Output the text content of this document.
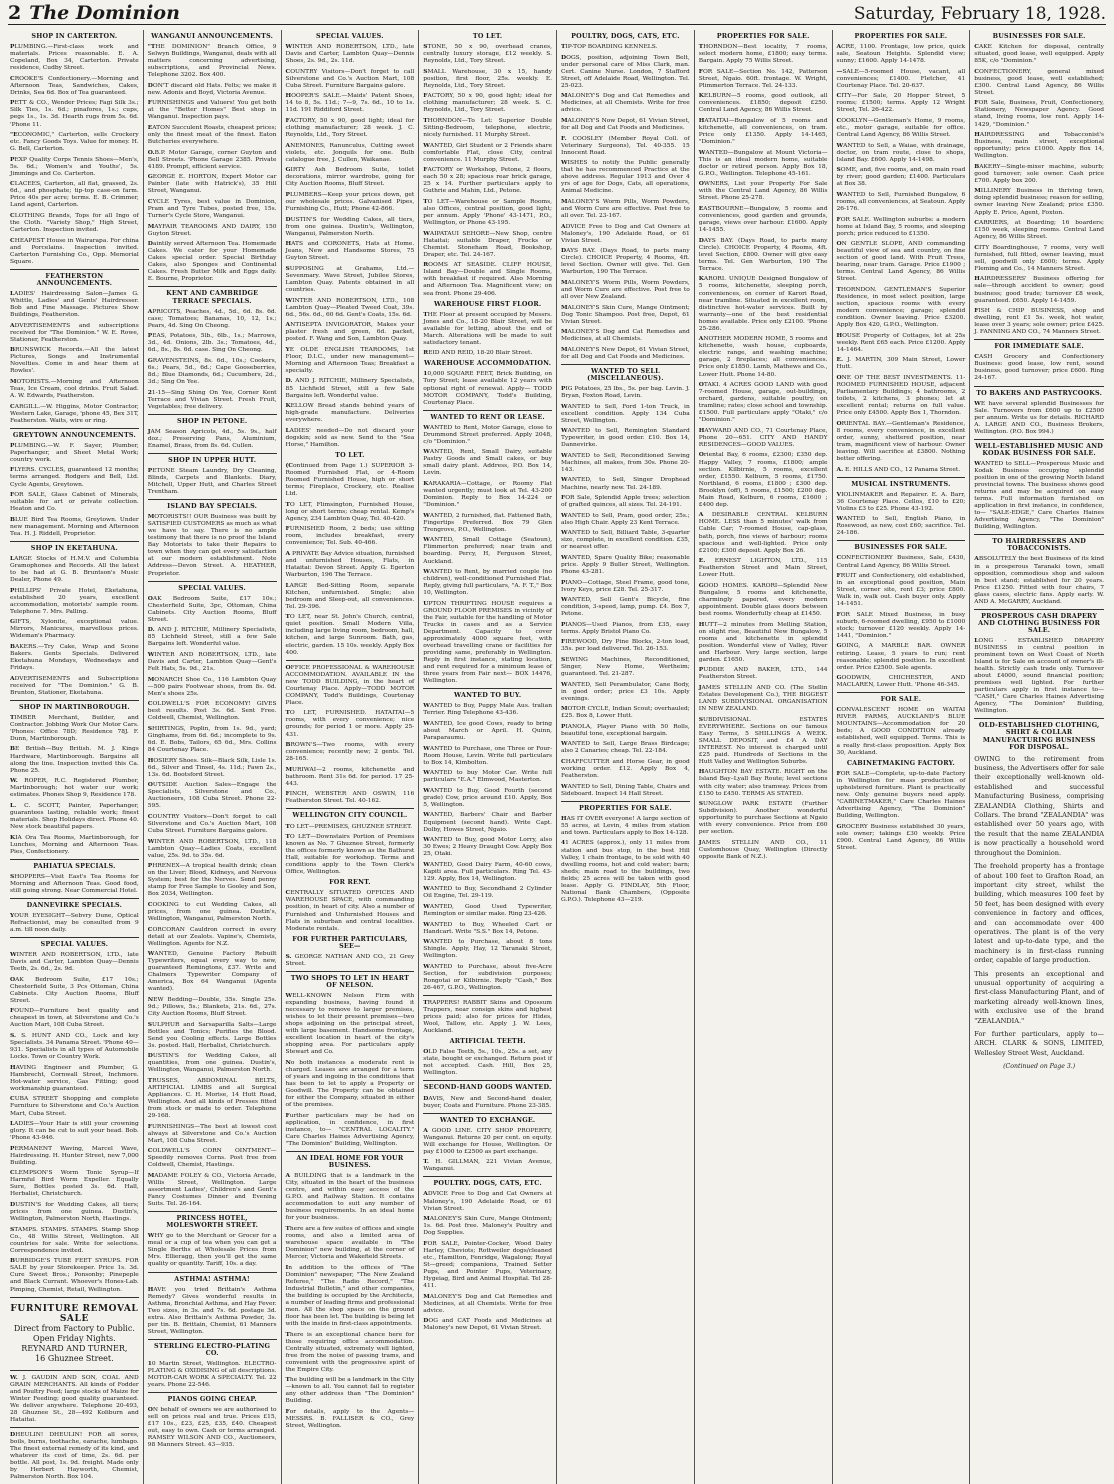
2 The Dominion	Saturday, February 18, 1928.
SHOP IN CARTERTON.

PLUMBING.—First-class work and materials. Prices reasonable. E. A. Copeland, Box 34, Carterton. Private residence, Cudby Street.

CROOKE'S Confectionery.—Morning and Afternoon Teas, Sandwiches, Cakes, Drinks, Sea 6d. Box of Tea guaranteed.

PETT & CO., Wender Prices; Fagi Silk 3s.; Silk Ties, 1s. 6d.; pinafores, 1s.; cups, pegs 1s., 1s. 3d. Hearth rugs from 5s. 6d. 'Phone 11.

"ECONOMIC," Carterton, sells Crockery etc. Fancy Goods Toys. Value for money. H. G. Bell, Carterton.

PEXP Quality Corps Tennis Shoes—Men's, 5s. 6d.; Women's and Youths', 5s. Jimmings and Co. Carterton.

CLACEES, Carterton, all flat, grassed, 2s. 6d., and phosphate; tip-top case-on farm. Price 40s per acre; terms. E. B. Crimmer, Land agent, Carterton.

CLOTHING Brands, Tops for all Ingo of the Cloth. "Variety Shop," High Street, Carterton. Inspection invited.

CHEAPEST House in Wairarapa. For china and Porcelains. Inspection invited. Carterton Furnishing Co., Opp. Memorial Square.

FEATHERSTON ANNOUNCEMENTS.

LADIES' Hairdressing Salon—James G. Whittle, Ladies' and Gents' Hairdresser. Bob and Fine Massage. Pictures Show Buildings, Featherston.

ADVERTISEMENTS and subscriptions received for "The Dominion." W. E. Rowe, Stationer, Featherston.

BRUNSWICK Records.—All the latest Pictures, Songs and Instrumental Novelties. Come in and hear them at Rowles'.

MOTORISTS.—Morning and Afternoon Teas, Ice Cream, cool drinks. Fruit Salad. A. W. Edwards, Featherston.

CARGILL.—W. Higgins, Motor Contractor, Western Lake, Garage, 'phone 45, Bex 31T, Featherston. Waits, wire or ring.

GREYTOWN ANNOUNCEMENTS.

PLUMBING.—W. F. Sayer, Plumber, Paperhanger, and Sheet Metal Work; country work.

FLYERS. CYCLES, guaranteed 12 months; terms arranged. Rodgers and Bell, Ltd. Cycle Agents, Greytown.

FOR SALE, Glass Cabinet of Minerals, suitable for art or private collection. Heaton and Co.

BLUE Bird Tea Rooms, Greytown. Under new management. Morning and Afternoon Tea. H. J. Riddell, Proprietor.

SHOP IN EKETAHUNA.

LARGE Stocks of H.M.V. and Columbia Gramophones and Records. All the latest to be had at G. B. Bruntson's Music Dealer, Phone 49.

PHILLIPS' Private Hotel, Eketahuna, established 20 years, excellent accommodation, motorists' sample room. Telephone 7. Mrs. Palling.

GIFTS, Xylonite, exceptional value. Mirrors, Manicures, marvellous prices. Wideman's Pharmacy.

BAKERS.—Try Cake, Wrap and Scone Bakers. Gents Specials. Delivered Eketahuna Mondays, Wednesdays and Fridays.

ADVERTISEMENTS and Subscriptions received for "The Dominion." G. B. Brunton, Stationer, Eketahuna.

SHOP IN MARTINBOROUGH.

TIMBER Merchant, Builder, and Contractor. Jobbing Work Our Motor Cars. 'Phones: Office 78D; Residence 78J. F. Dunn, Martinborough.

BE British—Buy British. M. J. Kings Hardware, Martinborough. Bargains all along the line. Inspection invited this Ca. Phone 25.

W. ROPER, R.C. Registered Plumber, Martinborough; hot water our work; estimates. Phones Shop 9, Residence 178.

L. C. SCOTT, Painter, Paperhanger, guarantees lasting, reliable work; finest materials. Shop Holidays direct. Phone 40. New stock beautiful papers.

KIA Ora Tea Rooms, Martinborough, for Lunches, Morning and Afternoon Teas. Pies, Confectionery.

PAHIATUA SPECIALS.

SHOPPERS—Visit East's Tea Rooms for Morning and Afternoon Teas. Good food, still going strong. Near Commercial Hotel.

DANNEVIRKE SPECIALS.

YOUR EYESIGHT—Sebvry Dune, Optical Refractionist, may be consulted from 9 a.m. till noon daily.

SPECIAL VALUES.

WINTER AND ROBERTSON, LTD., late Davis and Carter, Lambton Quay—Dennis Teeth, 2s. 6d., 2s. 9d.

OAK Bedroom Suite, £17 10s.; Chesterfield Suite, 3 Pcs Ottoman, China Cabinets. City Auction Rooms, Bluff Street.

FOUND—Furniture best quality and cheapest in town, at Silverstone and Co.'s Auction Mart, 108 Cuba Street.

S. S. HUNT AND CO., Lock and key Specialists. 34 Panama Street. 'Phone 40—931. Specialists in all types of Automobile Locks. Town or Country Work.

HAVING Engineer and Plumber, G. Hambrecht, Cornwall Street, Inchmore. Hot-water service, Gas Fitting; good workmanship guaranteed.

CUBA STREET Shopping and complete Furniture to Silverstone and Co.'s Auction Mart, Cuba Street.

LADIES—Your Hair is still your crowning glory. It can be cut to suit your head. Bob. 'Phone 43-946.

PERMANENT Waving, Marcel Wave, Hairdressing. H. Hunter Street, new 7,000 Building.

CLEMPSON'S Worm Tonic Syrup—If Harmful Bird Worm Expeller. Equally Sure, Bottles posted 3s. 6d. Hall, Herbalist, Christchurch.

DUSTIN'S for Wedding Cakes, all tiers; prices from one guinea. Dustin's, Wellington, Palmerston North, Hastings.

STAMPS. STAMPS. STAMPS. Stamp Shop Co., 48 Willis Street, Wellington. All countries for sale. Write for selections. Correspondence invited.

BURBIDGE'S TUBE FEET SYRUPS. FOR SALE by your Storekeeper. Price 1s. 3d. Cure Sweet Bros.; Ponsonby; Pinepeple and Black Currant. Whoever's Hones-Lab. Pimping, Chemist, Retail, Wellington.

FURNITURE REMOVAL SALE
Direct from Factory to Public.
Open Friday Nights.
REYNARD AND TURNER,
16 Ghuznee Street.

W. J. GAUDIN AND SON, COAL AND GRAIN MERCHANTS. All kinds of Fodder and Poultry Feed; large stocks of Maize for Winter Feeding; good quality guaranteed. We deliver anywhere. Telephone 20-493, 28 Ghuznee St., 28—492 Koliburn and Hataitai.

DHEULIN! DHEULIN! FOR all sores, boils, burns, toothache, earache, lumbago. The finest external remedy of its kind, and whatever its cost of time, 2s. 6d. per bottle. All post, 1s. 9d. freight. Made only by Herbert Hayworth, Chemist, Palmerston North. Box 104.

WANGANUI ANNOUNCEMENTS.

"THE DOMINION" Branch Office, 9 Selwyn Buildings, Wanganui, deals with all matters concerning advertising, subscriptions, and Provincial News. Telephone 3202. Box 400.

DON'T discard old Hats. Felts; we make it new. Adonis and Boyd, Victoria Avenue.

FURNISHINGS and Valuers! You get both at the "Better Homes" Best shop in Wanganui. Inspection pays.

EATON Succulent Roasts, cheapest prices; only the finest meat of the finest. Eaton Butcheries everywhere.

O.B.P. Motor Garage, corner Guyton and Bell Streets. 'Phone Garage 2385. Private 4189. Prompt, efficient service.

GEORGE E. HORTON, Expert Motor car Painter (late with Hatrick's), 35 Hill Street, Wanganui.

CYCLE Tyres, best value in Dominion, Pram and Tyre Tubes, posted free, 15s. Turner's Cycle Store, Wanganui.

MAYFAIR TEAROOMS AND DAIRY, 150 Guyton Street.

Daintily served Afternoon Tea. Homemade Cakes. We cater for your Homemade Cakes special order. Special Birthday Cakes, also Sponges and Continental Cakes. Fresh Butter Milk and Eggs daily. E. Bourne, Proprietor.

KENT AND CAMBRIDGE TERRACE SPECIALS.

APRICOTS, Peaches, 4d., 5d., 6d. 8s. 6d. case; Tomatoes; Bananas, 10, 12, 1s.; Pears, 4d. Sing On Cheong.

PEAS, Potatoes, 5lb., 6lb., 1s.; Marrows, 3d., 4d. Onions, 2lb. 3s.; Tomatoes, 4d., 6d., 8s., 8s. 6d. case. Sing On Cheong.

GRAVENSTEINS, 8s. 6d., 10s.; Cookers, 6s.; Pears, 5d., 6d.; Cape Gooseberries, 8d.; Blue Diamonds, 6d.; Cucumbers, 2d., 3d.; Sing On Yee.

21-15—Sing Shing On Yee, Corner Kent Terrace and Vivian Street. Fresh Fruit, Vegetables; free delivery.

SHOP IN PETONE.

JAM Season Apricots, 4d., 5s. 9s., half doz.; Preserving Pans, Aluminium, Enamel, Brass, from 8s. 6d. Cullen.

SHOP IN UPPER HUTT.

PETONE Steam Laundry, Dry Cleaning, Blinds, Carpets and Blankets. Diary, Mitchell, Upper Hutt, and Charles Street Trentham.

ISLAND BAY SPECIALS.

MOTORISTS!! OUR Business was built by SATISFIED CUSTOMERS as much as what we have to say. There is no ample testimony that there is no proof the Island Bay Motorists to take their Repairs to town when they can get every satisfaction at our modern establishment. Note Address—Devon Street. A. HEATHER, Proprietor.

SPECIAL VALUES.

OAK Bedroom Suite, £17 10s.; Chesterfield Suite, 3pc, Ottoman, China Cabinets. City Auction Rooms, Bluff Street.

D. AND J. RITCHIE, Millinery Specialists, 85 Lichfield Street, still a few Sale Bargains left. Wonderful value.

WINTER AND ROBERTSON, LTD., late Davis and Carter, Lambton Quay—Gent's Felt Hats, 5s. 9d., 21s.

MONARCH Shoe Co., 116 Lambton Quay—500 pairs Footwear shoes, from 8s. 6d. Men's shoes 25s.

COLDWELL'S FOR ECONOMY! GIVES best results. Post 3s. 6d. Sent Free. Coldwell, Chemist, Wellington.

SHIRTINGS, Poplin, from 1s. 9d., yard; Ginghams, from 6d. 6d.; incomplete to 9s. 6d. E. Bobs, Tailors, 65 6d., Mrs. Collins 84 Courtenay Place.

HOSIERY Shoes. Silk—Black Silk, Lisle 1s. 6d., Silver and Tinsel, 4s. 11d.; Fawn 2s., 13s. 6d. Bootsford Street.

OUTSIDE Auction Sales—Engage the Specialists, Silverstone and Co., Auctioneers, 108 Cuba Street. Phone 22-595.

COUNTRY Visitors—Don't forget to call Silverstone and Co.'s Auction Mart, 108 Cuba Street. Furniture Bargains galore.

WINTER AND ROBERTSON, LTD., 118 Lambton Quay—Ladies Coats, excellent value, 25s. 9d. to 35s. 6d.

PHRENEX—A tropical health drink; clean on the Liver; Blood, Kidneys, and Nervous System; best for the Nerves. Send penny stamp for Free Sample to Gooley and Son, Box 2034, Wellington.

COOKING to cut Wedding Cakes, all prices, from one guinea. Dustin's, Wellington, Wanganui, Palmerston North.

CORCORAN Cauldron correct in every detail at our Zealots. Vapine's, Chemists, Wellington. Agents for N.Z.

WANTED, Genuine Factory Rebuilt Typewriters, equal every way to new, guaranteed Remingtons, £37. Write and Chalmers Typewriter Company of America, Box 64 Wanganui (Agents wanted).

NEW Bedding—Double, 35s. Single 25s. 9d.; Pillows, 5s.; Blankets, 21s. 6d., 27s. City Auction Rooms, Bluff Street.

SULPHUR and Sarsaparilla Salts—Large Bottles and Tonics; Purifies the Blood. Send you Cooling effects. Large Bottles 3s. posted. Hall, Herbalist, Christchurch.

DUSTIN'S for Wedding Cakes, all quantities, from one guinea. Dustin's, Wellington, Wanganui, Palmerston North.

TRUSSES, ABDOMINAL BELTS, ARTIFICIAL LIMBS and all Surgical Appliances. C. H. Morise, 14 Hutt Road, Wellington. And all kinds of Presses fitted from stock or made to order. Telephone 29-168.

FURNISHINGS—The best at lowest cost always at Silverstone and Co.'s Auction Mart, 108 Cuba Street.

COLDWELL'S CORN OINTMENT—Speedily removes Corns. Post free from Coldwell, Chemist, Hastings.

MADAME FOLEY & CO., Victoria Arcade, Willis Street, Wellington. Large assortment Ladies', Children's and Gent's Fancy Costumes Dinner and Evening Suits. Tel. 26-164.

PRINCESS HOTEL, MOLESWORTH STREET.

WHY go to the Merchant or Grocer for a meal or a cup of tea when you can get a Single Berths at Wholesale Prices from Mrs. Ellieragg, then you'll get the same quality or quantity. Tariff, 10s. a day.

ASTHMA! ASTHMA!

HAVE you tried Brittain's Asthma Remedy? Gives wonderful results in Asthma, Bronchial Asthma, and Hay Fever. Two sizes, in 3s. and 7s. 6d. postage 3d. extra. Also Brittain's Asthma Powder, 3s. per tin. B. Brittain, Chemist, 61 Manners Street, Wellington.

STERLING ELECTRO-PLATING CO.

10 Martin Street, Wellington. ELECTRO-PLATING & OXIDISING of all descriptions. MOTOR-CAR WORK A SPECIALTY. Tel. 22 years. Phone 22-546.

PIANOS GOING CHEAP.

ON behalf of owners we are authorised to sell on prices real and true. Prices £15, £17 10s., £23, £25, £35, £40. Cheapest out, easy to own. Cash or terms arranged. RAMSEY WILSON AND CO., Auctioneers, 98 Manners Street. 43—935.

SPECIAL VALUES.

WINTER AND ROBERTSON, LTD., late Davis and Carter, Lambton Quay—Dennis Shoes, 2s. 9d., 2s. 11d.

COUNTRY Visitors—Don't forget to call Silverstone and Co.'s Auction Mart, 108 Cuba Street. Furniture Bargains galore.

HOOPER'S SALE.—Maids' Patent Shoes, 14 to 8, 5s. 11d.; 7—9, 7s. 6d., 10 to 1s. 11d. 191 Riddiford Street.

FACTORY, 50 x 90, good light; ideal for clothing manufacturer; 28 week. J. C. Reynolds, Ltd., Tory Street.

ANEMONES, Ranunculus, Cutting sweet violets, etc. Jonquils for one. Bulb catalogue free, J. Cullen, Waikanae.

GIRTY Ash Bedroom Suite, toilet decorations, mirror wardrobe, going for City Auction Rooms, Bluff Street.

PLUMBERS—Keep your prices down, get our wholesale prices. Galvanised Pipes, Furnishing Co., Hutt; Phone 42-866.

DUSTIN'S for Wedding Cakes, all tiers, from one guinea. Dustin's, Wellington, Wanganui, Palmerston North.

HATS and CORONETS, Hats at Home. Jeans, New and Handsome Stores, 75 Guyton Street.

SUPPOSING at Grahams, Ltd.—Sevenmary. Wave Street, Jubilee Stores, Lambton Quay. Patents obtained in all countries.

WINTER AND ROBERTSON, LTD., 108 Lambton Quay—Pleated Tweed Coat, 39s. 6d., 56s. 6d., 60 6d. Gent's Coats, 15s. 6d.

ANTISEPTA INVIGORATOR, Makes your plaster fresh and green, 6d. packet, posted. F. Wang and Son, Lambton Quay.

YE OLDE ENGLISH TEAROOMS, 1st Floor, D.I.C., under new management—Morning and Afternoon Teas; Breakfast a specialty.

D. AND J. RITCHIE, Millinery Specialists, 85 Lichfield Street, still a few Sale Bargains left. Wonderful value.

KELLOW Bread stands behind years of high-grade manufacture. Deliveries everywhere.

LADIES' needed—Do not discard your dogskin; sold as new. Send to the "Sea Horse," Hamilton.

TO LET.

(Continued from Page 1.) SUPERIOR 3-Roomed Furnished Flat, or 4-Room Roomed Furnished House, high or short terms; Fireplace, Crockery, etc. Realise Ltd.

TO LET, Flimsington, Furnished House, long or short terms; cheap rental. Kemp's Agency, 234 Lambton Quay, Tel. 40-420.

FURNISHED Room, 2 beds; use sitting room, includes breakfast, every convenience; Tel. Sub. 40-466.

A PRIVATE Bay Advice situation, furnished and unfurnished Houses, Flats, in Hataitai: Devon Street. Apply G. Egerton Warburton, 196 The Terrace.

LARGE Bed-Sitting Room, separate Kitchen, unfurnished. Single; also bedroom and Sleep-out, all conveniences. Tel. 29-396.

TO LET, near St. John's Church, central, quiet position. Small Modern Villa, including large living room, bedroom, hall, kitchen, and large Sunroom. Bath, gas, electric, garden. 15 10s. weekly. Apply Box 400.

OFFICE PROFESSIONAL & WAREHOUSE ACCOMMODATION. AVAILABLE IN the new TODD BUILDING, in the heart of Courtenay Place. Apply—TODD MOTOR COMPANY, Todd's Buildings, Courtenay Place.

TO LET, FURNISHED. HATAITAI—5 rooms, with every convenience; nice grounds; for period 1 or more. Apply 25-431.

BROWN'S—Two rooms, with every convenience; recently new; 2 gents. Tel. 28-165.

MURIWAI—2 rooms, kitchenette and bathroom. Rent 31s 6d. for period. 17 25-443.

FINCH, WEBSTER AND OSWIN, 116 Featherston Street. Tel. 40-162.

WELLINGTON CITY COUNCIL.

TO LET—PREMISES, GHUZNEE STREET.

TO LET—Downstairs Portion of Premises known as No. 7 Ghuznee Street, formerly the offices formerly known as the Bathurst Hall, suitable for workshop. Terms and conditions apply to the Town Clerk's Office, Wellington.

FOR RENT.

CENTRALLY SITUATED OFFICES AND WAREHOUSE SPACE, with commanding position, in heart of city. Also a number of Furnished and Unfurnished Houses and Flats in suburban and central localities. Moderate rentals.

FOR FURTHER PARTICULARS, SEE—

S. GEORGE NATHAN AND CO., 21 Grey Street.

TWO SHOPS TO LET IN HEART OF NELSON.

WELL-KNOWN Nelson Firm with expanding business, having found it necessary to remove to larger premises, wishes to let their present premises—two shops adjoining on the principal street, with large basement. Handsome frontage, excellent location in heart of the city's shopping area. For particulars apply Stewart and Co.

No both instances a moderate rent is charged. Leases are arranged for a term of years and ingoing in the conditions that has been to let to apply a Property or Goodwill. The Property can be obtained for either the Company, situated in either of the premises.

Further particulars may be had on application, in confidence, in first instance, to— "CENTRAL LOCALITY." Care Charles Haines Advertising Agency, "The Dominion" Building, Wellington.

AN IDEAL HOME FOR YOUR BUSINESS.

A BUILDING that is a landmark in the City, situated in the heart of the business centre, and within easy access of the G.P.O. and Railway Station. It contains accommodation to suit any number of business requirements. In an ideal home for your business.

There are a few suites of offices and single rooms, and also a limited area of warehouse space available in "The Dominion" new building, at the corner of Mercer, Victoria and Wakefield Streets.

In addition to the offices of "The Dominion" newspaper, "The New Zealand Referee," "The Radio Record," "The Industrial Bulletin," and other companies, the building is occupied by the Architects, a number of leading firms and professional men. All the shop space on the ground floor has been let. The building is being let with the inside in first-class appointments.

There is an exceptional chance here for those requiring office accommodation. Centrally situated, extremely well lighted, free from the noise of passing trams, and convenient with the progressive spirit of the Empire City.

The building will be a landmark in the City—known to all. You cannot fail to register any other address than "The Dominion" Building.

For details, apply to the Agents— MESSRS. B. FALLISER & CO., Grey Street, Wellington.

TO LET.

STONE, 50 x 90, overhead cranes, centrally luxury storage, £12 weekly. S. Reynolds, Ltd., Tory Street.

SMALL Warehouse, 30 x 15, handy position, first floor, 25s. weekly. E. Reynolds, Ltd., Tory Street.

FACTORY, 50 x 90, good light; ideal for clothing manufacturer; 28 week. S. C. Reynolds, Ltd., Tory Street.

THORNDON—To Let: Superior Double Sitting-Bedroom, telephone, electric, nicely furnished. 11 Murphy Street.

WANTED, Girl Student or 2 Friends share comfortable Flat, close City, central convenience. 11 Murphy Street.

FACTORY or Workshop, Petone, 2 floors, each 50 x 28; spacious rear brick garage, 25 x 14. Further particulars apply to Guthrie and Mahin, Ltd., Petone.

TO LET—Warehouse or Sample Rooms, also Offices, central position, good light; per annum. Apply 'Phone' 43-1471, P.O., Wellington, or Phone 43-195.

WAIPATAUI SEHORE—New Shop, centre Hataitai; suitable Draper, Frocks or Chemist. Stoneham Road, Bookshop, Draper, etc. Tel. 24-167.

ROOMS AT SEASIDE. CLIFF HOUSE, Island Bay—Double and Single Rooms, with breakfast if required. Also Morning and Afternoon Tea. Magnificent view; on sea front. Phone 29-406.

WAREHOUSE FIRST FLOOR.

THE Floor at present occupied by Messrs. Jones and Co., 18-20 Blair Street, will be available for letting, about the end of March. Alterations will be made to suit satisfactory tenant.

REID AND REID, 18-20 Blair Street.

WAREHOUSE ACCOMMODATION.

10,000 SQUARE FEET, Brick Building, on Tory Street; lease available 12 years with optional right of renewal. Apply— TODD MOTOR COMPANY, Todd's Building, Courtenay Place.

WANTED TO RENT OR LEASE.

WANTED to Rent, Motor Garage, close to Drummond Street preferred. Apply 2048, c/o "Dominion."

WANTED, Rent, Small Dairy, suitable Pastry Goods and Small cakes, or buy small dairy plant. Address, P.O. Box 14, Levin.

KARAKARIA—Cottage, or Roomy Flat wanted urgently; must look at Tel. 43-200 Dominion. Reply to Box 14-224 or "Dominion."

WANTED, 2 furnished, flat. Fattened Bath, Fingertips Preferred. Box 79 Glen Trengrove, P.O., Wellington.

WANTED, Small Cottage (Seatoun), Flimmerton preferred; near train and boarding. Percy, H, Ferguson Street, Auckland.

WANTED to Rent, by married couple (no children), well-conditioned Furnished Flat. Reply, giving full particulars, "A. F. T.," Box 10, Wellington.

UPTON THRIFTING HOUSE requires a GROUND FLOOR PREMISES in vicinity of the Fair, suitable for the handling of Motor Trucks in cases and as a Service Department. Capacity to cover approximately 4000 square feet, with overhead travelling crane or facilities for providing same, preferably in Wellington. Reply in first instance, stating location, and rent required for a minimum lease of three years from Fair next— BOX 14476, Wellington.

WANTED TO BUY.

WANTED to Buy, Puppy Male Aus. tralian Terrier. Ring Telephone 43-436.

WANTED, Ice good Cows, ready to bring about March or April. H. Quinn, Paraparaumu.

WANTED to Purchase, one Three or Four-Room House, Levin. Write full particulars to Box 14, Kimbolton.

WANTED to buy Motor Car. Write full particulars "E.A." Elmwood, Masterton.

WANTED to Buy, Good Fourth (second grade) Cow, price around £10. Apply, Box 5, Wellington.

WANTED, Barbers' Chair and Barber Equipment (second hand). Write Capt. Dolby, Howes Street, Ngaio.

WANTED to Buy, good Motor Lorry, also 30 Ewes; 2 Heavy Draught Cow. Apply Box 25, Otaki.

WANTED, Good Dairy Farm, 40-60 cows, Kapiti area. Full particulars. Ring Tel. 43-129. Apply, Box 14, Wellington.

WANTED to Buy, Secondhand 2 Cylinder Oil Engine, Tel. 29-119.

WANTED, Good Used Typewriter, Remington or similar make. Ring 23-426.

WANTED to Buy, Wheeled Cart or Handcart. Write "S.S." Box 14, Petone.

WANTED to Purchase, about 8 tons Shingle. Apply, Hay, 12 Taranaki Street, Wellington.

WANTED to Purchase, about five-Acre Section, for subdivision purposes; Rongotai or Kilbirnie. Reply "Cash," Box 26-467, G.P.O., Wellington.

TRAPPERS! RABBIT Skins and Opossum Trappers, near consign skins and highest prices paid; also for prices for Hides, Wool, Tallow, etc. Apply J. W. Lees, Auckland.

ARTIFICIAL TEETH.

OLD False Teeth, 5s., 10s., 25s. a set, any state, bought or exchanged. Return post if not accepted. Cash. Hill, Box 25, Wellington.

SECOND-HAND GOODS WANTED.

DAVIS, New and Second-hand dealer, buyer, Coats and Furniture. Phone 23-385.

WANTED TO EXCHANGE.

A GOOD LINE. CITY SHOP PROPERTY, Wanganui. Returns 20 per cent. on equity. Will exchange for House, Wellington. Or pay £1000 to £2500 as part exchange.

T. H. GILLMAN, 221 Vivian Avenue, Wanganui.

POULTRY. DOGS, CATS, ETC.

ADVICE Free to Dog and Cat Owners at Maloney's, 190 Adelaide Road, or 61 Vivian Street.

MALONEY'S Skin Cure, Mange Ointment; 1s. 6d. Post free. Maloney's Poultry and Dog Supplies.

FOR SALE, Pointer-Cocker, Wood Dairy Harley, Cheviots; Rottweiler dogs/cleaned etc., Hamilton, Fenridge, Wagalong; Royal St—greed; companions, Trained Setter Pups, and Pointer Pups, Veterinary, Hygeiag, Bird and Animal Hospital. Tel 28-411.

MALONEY'S Dog and Cat Remedies and Medicines, at all Chemists. Write for free advice.

DOG and CAT Foods and Medicines at Maloney's new Depot, 61 Vivian Street.

POULTRY, DOGS, CATS, ETC.

TIP-TOP BOARDING KENNELS.

DOGS, position, adjoining Town Belt, under personal care of Miss Clark, man. Cert. Canine Nurse. London, 7 Stafford Street, off Adelaide Road, Wellington. Tel. 25-023.

MALONEY'S Dog and Cat Remedies and Medicines, at all Chemists. Write for free advice.

MALONEY'S Now Depot, 61 Vivian Street, for all Dog and Cat Foods and Medicines.

F. COOSLEY (Member Royal Coll. of Veterinary Surgeons), Tel. 40-355. 15 Innocent Road.

WISHES to notify the Public generally that he has recommenced Practice at the above address. Regular 1913 and Over 4 yrs of age for Dogs, Cats, all operations, Animal Medicine.

MALONEY'S Worm Pills, Worm Powders, and Worm Cure are effective. Post free to all over. Tel. 23-167.

ADVICE Free to Dog and Cat Owners at Maloney's, 190 Adelaide Road, or 61 Vivian Street.

DAYS BAY. (Days Road, to parts many Circle). CHOICE Property, 4 Rooms, 4ft. level Section. Owner will give. Tel. Gen Warburton, 190 The Terrace.

MALONEY'S Worm Pills, Worm Powders, and Worm Cure are effective. Post free to all over New Zealand.

MALONEY'S Skin Cure, Mange Ointment; Dog Tonic Shampoo. Post free, Depot, 61 Vivian Street.

MALONEY'S Dog and Cat Remedies and Medicines, at all Chemists.

MALONEY'S New Depot, 61 Vivian Street, for all Dog and Cat Foods and Medicines.

WANTED TO SELL (MISCELLANEOUS).

PIG Potatoes, 25 lbs., 5s. per bag. Levin. J. Bryan, Foxton Road, Levin.

WANTED to Sell, Ford 1-ton Truck, in excellent condition. Apply 134 Cuba Street, Wellington.

WANTED to Sell, Remington Standard Typewriter, in good order. £10. Box 14, Dannevirke.

WANTED to Sell, Reconditioned Sewing Machines, all makes, from 30s. Phone 20-143.

WANTED, to Sell, Singer Drophead Machine, nearly new. Tel. 24-189.

FOR Sale, Splendid Apple trees; selection of grafted quinces, all sizes. Tel. 24-191.

WANTED to Sell, Pram, good order, 25s.; also High Chair. Apply 23 Kent Terrace.

WANTED to Sell, Billiard Table, 3-quarter size, complete, in excellent condition. £35, or nearest offer.

WANTED, Spare Quality Bike; reasonable price. Apply 9 Buller Street, Wellington. Phone 43-281.

PIANO—Cottage, Steel Frame, good tone, Ivory Keys, price £28. Tel. 25-317.

WANTED, Sell Gent's Bicycle, fine condition, 3-speed, lamp, pump. £4. Box 7, Petone.

PIANOS—Used Pianos, from £35, easy terms. Apply Bristol Piano Co.

FIREWOOD, Dry Pine Blocks, 2-ton load, 35s. per load delivered. Tel. 26-153.

SEWING Machines, Reconditioned, Singer, New Home, Wertheim; guaranteed. Tel. 21-287.

WANTED, Sell Perambulator, Cane Body, in good order; price £3 10s. Apply evenings.

MOTOR CYCLE, Indian Scout; overhauled; £25. Box 8, Lower Hutt.

PIANOLA, Player Piano with 50 Rolls, beautiful tone, exceptional bargain.

WANTED to Sell, Large Brass Birdcage; also 2 Canaries; cheap. Tel. 22-184.

CHAFFCUTTER and Horse Gear, in good working order. £12. Apply Box 4, Featherston.

WANTED to Sell, Dining Table, Chairs and Sideboard. Inspect 14 Hall Street.

PROPERTIES FOR SALE.

HAS IT OVER everyone! A large section of 55 acres, at Levin, 4 miles from station and town. Particulars apply to Box 14-128.

41 ACRES (approx.), only 11 miles from station and bus stop, in the best Hill Valley, 1 chain frontage, to be sold with 40 dwelling rooms, hot and cold water; barn; sheds; main road to the buildings, two fields; 25 acres will be taken with good lease. Apply G. FINDLAY, 5th Floor, National Bank Chambers, (Opposite G.P.O.). Telephone 43—219.

PROPERTIES FOR SALE.

THORNDON—Best locality, 7 rooms, select modern home, £1800; easy terms. Bargain. Apply 75 Willis Street.

FOR SALE—Section No. 142, Patterson Street, Ngaio. 60ft. frontage. W. Wright, Plimmerton Terrace. Tel. 24-133.

KELBURN—5 rooms, good outlook, all conveniences. £1850; deposit £250. Central Land Agency, 86 Willis Street.

HATAITAI—Bungalow of 5 rooms and kitchenette, all conveniences, on tram. Price only £1350. Apply 14-1465, "Dominion."

WANTED—Bungalow at Mount Victoria—This is an ideal modern home, suitable doctor or retired person. Apply Box 18, G.P.O., Wellington. Telephone 45-161.

OWNERS, List your Property For Sale with the Central Land Agency, 86 Willis Street. Phone 25-278.

EASTBOURNE—Bungalow, 5 rooms and conveniences, good garden and grounds, garage, views over harbour. £1600. Apply 14-1455.

DAYS BAY. (Days Road, to parts many Circle). CHOICE Property, 4 Rooms, 4ft. level Section, £800. Owner will give easy terms. Tel. Gen Warburton, 190 The Terrace.

KARORI. UNIQUE Designed Bungalow of 5 rooms, kitchenette, sleeping porch, conveniences, on corner of Karori Road, near tramline. Situated in excellent room, distinctive hot-water services. Built by warranty—one of the best residential homes available. Price only £2100. 'Phone 25-286.

ANOTHER MODERN HOME, 5 rooms and kitchenette, wash house, cupboards, electric range, and washing machine; garage, 2 fireplaces; all conveniences. Price only £1850. Lamb, Mathews and Co., Lower Hutt. Phone 14-80.

OTAKI. 4 ACRES GOOD LAND with good 7-roomed House, garage, out-buildings, orchard, gardens, suitable poultry, on tramline; rates; close school and township. £1500. Full particulars apply "Otaki," c/o "Dominion."

HAYWARD AND CO., 71 Courtenay Place, Phone 20—651. CITY AND HANDY RESIDENCES—GOOD VALUES.

Oriental Bay, 6 rooms, £2300; £350 dep. Happy Valley, 7 rooms, £1800; ample section. Kilbirnie, 5 rooms, excellent order, £1550. Kelburn, 5 rooms, £1750. Northland, 6 rooms, £1800 ; £300 dep. Brooklyn (off), 5 rooms, £1500; £200 dep. Main Road, Kelburn, 6 rooms, £1600 ; £400 dep.

A DESIRABLE CENTRAL KELBURN HOME. LESS than 5 minutes' walk from Cable Car; 7-roomed House, cap-glass, bath, porch, fine views of harbour; rooms spacious and well-lighted. Price only £2100; £300 deposit. Apply Box 26.

E. ERNEST LIGHTON, LTD., 115 Featherston Street and Main Street, Lower Hutt.

GOOD HOMES. KARORI—Splendid New Bungalow, 5 rooms and kitchenette, charmingly papered, every modern appointment. Double glass doors between best rooms. Wonderfully cheap at £1450.

HUTT—2 minutes from Melling Station, on slight rise, Beautiful New Bungalow, 5 rooms and kitchenette in splendid position. Wonderful view of Valley, River and Harbour. Very large section, large garden. £1650.

PUDDIE AND BAKER, LTD., 144 Featherston Street.

JAMES STELLIN AND CO. (The Stellin Estates Development Co.), THE BIGGEST LAND SUBDIVISIONAL ORGANISATION IN NEW ZEALAND.

SUBDIVISIONAL ESTATES EVERYWHERE. Sections on our famous Easy Terms, 5 SHILLINGS A WEEK. SMALL DEPOSIT, and £4 A DAY INTEREST. No interest is charged until £25 paid. Hundreds of Sections in the Hutt Valley and Wellington Suburbs.

HAUGHTON BAY ESTATE. RIGHT on the Island Bay–Lyall Bay Route; level sections with city water; also tramway. Prices from £150 to £450. TERMS AS STATED.

SUNGLOW PARK ESTATE (Further Subdivision). Another wonderful opportunity to purchase Sections at Ngaio with every convenience. Price from £60 per section.

JAMES STELLIN AND CO., 11 Customhouse Quay, Wellington (Directly opposite Bank of N.Z.).

PROPERTIES FOR SALE.

ACRE, 1100. Frontage, low price, quick sale, Seatoun Heights. Splendid view; sunny; £1600. Apply 14-1478.

—SALE—5-roomed House, vacant, all conveniences; £1400. Fletcher, 41 Courtenay Place. Tel. 20-637.

CITY—For Sale, 20 Hopper Street, 5 rooms; £1500; terms. Apply 12 Wright Street, Tel. 26-422.

COOKLYN—Gentleman's Home, 9 rooms, etc., motor garage, suitable for office. Central Land Agency, 86 Willis Street.

WANTED to Sell, a Waiae, with drainage, doctor, on tram route, close to shops, Island Bay. £600. Apply 14-1498.

SOME, and, five rooms, and, on main road by river; good garden; £1400. Particulars at Box 38.

WANTED to Sell, Furnished Bungalow, 6 rooms, all conveniences, at Seatoun. Apply 26-176.

FOR SALE. Wellington suburbs: a modern home at Island Bay, 5 rooms, and sleeping porch; price reduced to £1350.

ON GENTLE SLOPE, AND commanding beautiful view of sea and country, on fine section of good land. With Fruit Trees, bearing, near tram. Garage. Price £1900 ; terms. Central Land Agency, 86 Willis Street.

THORNDON. GENTLEMAN'S Superior Residence, in most select position, large section, spacious rooms with every modern convenience; garage; splendid condition. Owner leaving. Price £3200. Apply Box 420, G.P.O., Wellington.

HOUSE Property of Cottages, let at 25s weekly. Rent £65 each. Price £1200. Apply 14-1464.

E. J. MARTIN, 309 Main Street, Lower Hutt.

ONE OF THE BEST INVESTMENTS. 11-ROOMED FURNISHED HOUSE, adjacent Parliamentary Buildings; 4 bathrooms, 2 toilets, 2 kitchens, 3 phones; let at excellent rental; returns on full value. Price only £4500. Apply Box 1, Thorndon.

ORIENTAL BAY.—Gentleman's Residence, 8 rooms, every convenience, in excellent order, sunny, sheltered position, near tram, magnificent view of harbour. Owner leaving. Will sacrifice at £3800. Nothing better offering.

A. E. HILLS AND CO., 12 Panama Street.

MUSICAL INSTRUMENTS.

VIOLINMAKER and Repairer. E. A. Barr, 36 Courtenay Place. Cellos, £10 to £20; Violins £3 to £25. Phone 43-192.

WANTED to Sell, English Piano, in Rosewood, as new, cost £60; sacrifice. Tel. 24-186.

BUSINESSES FOR SALE.

CONFECTIONERY Business, Sale, £430, Central Land Agency, 86 Willis Street.

FRUIT and Confectionery, old established, in an exceptional good position, Main Street, corner site, rent £3; price £800. Walk in, walk out. Cash buyer only. Apply 14-1451.

FOR SALE Mixed Business, in busy suburb, 6-roomed dwelling, £950 to £1000 stock; turnover £120 weekly. Apply 14-1441, "Dominion."

GOING, A MARBLE BAR. OWNER retiring. Lease, 5 years to run; rent reasonable; splendid position. In excellent order. Price £2500. Sole agents.

GOODWIN, CHICHESTER, AND MACLAREN, Lower Hutt. 'Phone 46-345.

FOR SALE.

CONVALESCENT HOME on WAITAI RIVER FARMS, AUCKLAND'S BLUE MOUNTAINS—Accommodation for 20 beds; A GOOD CONDITION already established, well equipped. Terms. This is a really first-class proposition. Apply Box 30, Auckland.

CABINETMAKING FACTORY.

FOR SALE—Complete, up-to-date Factory in Wellington for mass production of upholstered furniture. Plant is practically new. Only genuine buyers need apply. "CABINETMAKER," Care Charles Haines Advertising Agency, "The Dominion" Building, Wellington.

GROCERY Business established 30 years, sole owner; takings £30 weekly. Price £900. Central Land Agency, 86 Willis Street.

BUSINESSES FOR SALE.

CAKE Kitchen for disposal, centrally situated, good lease, well equipped. Apply 85K, c/o "Dominion."

CONFECTIONERY, general mixed business, good lease, well established; £300. Central Land Agency, 86 Willis Street.

FOR Sale, Business, Fruit, Confectionery, Stationery, Newspaper Agency. Good stand, living rooms, low rent. Apply 14-1429, "Dominion."

HAIRDRESSING and Tobacconist's Business, main street, exceptional opportunity; price £1000. Apply Box 14, Wellington.

BAKERY—Single-mixer machine, suburb; good turnover; sole owner. Cash price £700. Apply box 200.

MILLINERY Business in thriving town, doing splendid business; reason for selling, owner leaving New Zealand; price £350. Apply E. Price, Agent, Foxton.

CARRIERS, at Boarding; 16 boarders; £150 week, sleeping rooms. Central Land Agency, 86 Willis Street.

CITY Boardinghouse, 7 rooms, very well furnished, full fitted, owner leaving, must sell, goodwill only £600; terms. Apply Fleming and Co., 14 Manners Street.

HAIRDRESSERS' Business offering for sale—through accident to owner; good business; good trade; turnover £8 week, guaranteed. £650. Apply 14-1459.

FISH & CHIP BUSINESS, shop and dwelling, rent £1 5s. week, hot water, lease over 3 years; sole owner; price £425. J. FANNING AND CO., 74 Manners Street.

FOR IMMEDIATE SALE.

CASH Grocery and Confectionery Business: good lease, low rent, sound business, good turnover; price £600. Ring 24-167.

TO BAKERS AND PASTRYCOOKS.

WE have several splendid Businesses for Sale. Turnovers from £600 up to £2500 per annum. Write us for details. RICHARD A. LARGE AND CO., Business Brokers, Wellington. (P.O. Box 994.)

WELL-ESTABLISHED MUSIC AND KODAK BUSINESS FOR SALE.

WANTED to SELL—Prosperous Music and Kodak Business occupying splendid position in one of the growing North Island provincial towns. The business shows good returns and may be acquired on easy terms. Full information furnished on application in first instance, in confidence, to— "SALE-EDGE," Care Charles Haines Advertising Agency, "The Dominion" Building, Wellington.

TO HAIRDRESSERS AND TOBACCONISTS.

ABSOLUTELY the best Business of its kind in a prosperous Taranaki town, small opposition, commodious shop and saloon in best stand; established for 20 years. Price £1250. Fitted with four chairs, 7 glass cases, electric fans. Apply early. W. AND A. McGARRY, Auckland.

PROSPEROUS CASH DRAPERY AND CLOTHING BUSINESS FOR SALE.

LONG - ESTABLISHED DRAPERY BUSINESS in central position in prominent town on West Coast of North Island is for Sale on account of owner's ill-health. Strictly cash trade only. Turnover about £4000, sound financial position; premises well lighted. For further particulars apply in first instance to— "CASH," Care Charles Haines Advertising Agency, "The Dominion" Building, Wellington.

OLD-ESTABLISHED CLOTHING, SHIRT & COLLAR MANUFACTURING BUSINESS FOR DISPOSAL.

OWING to the retirement from business, the Advertisers offer for sale their exceptionally well-known old-established and successful Manufacturing Business, comprising ZEALANDIA Clothing, Shirts and Collars. The brand "ZEALANDIA" was established over 50 years ago, with the result that the name ZEALANDIA is now practically a household word throughout the Dominion.

The freehold property has a frontage of about 100 feet to Grafton Road, an important city street, whilst the building, which measures 100 feet by 50 feet, has been designed with every convenience in factory and offices, and can accommodate over 400 operatives. The plant is of the very latest and up-to-date type, and the machinery is in first-class running order, capable of large production.

This presents an exceptional and unusual opportunity of acquiring a first-class Manufacturing Plant, and of marketing already well-known lines, with exclusive use of the brand "ZEALANDIA."

For further particulars, apply to— ARCH. CLARK & SONS, LIMITED, Wellesley Street West, Auckland.

(Continued on Page 3.)
